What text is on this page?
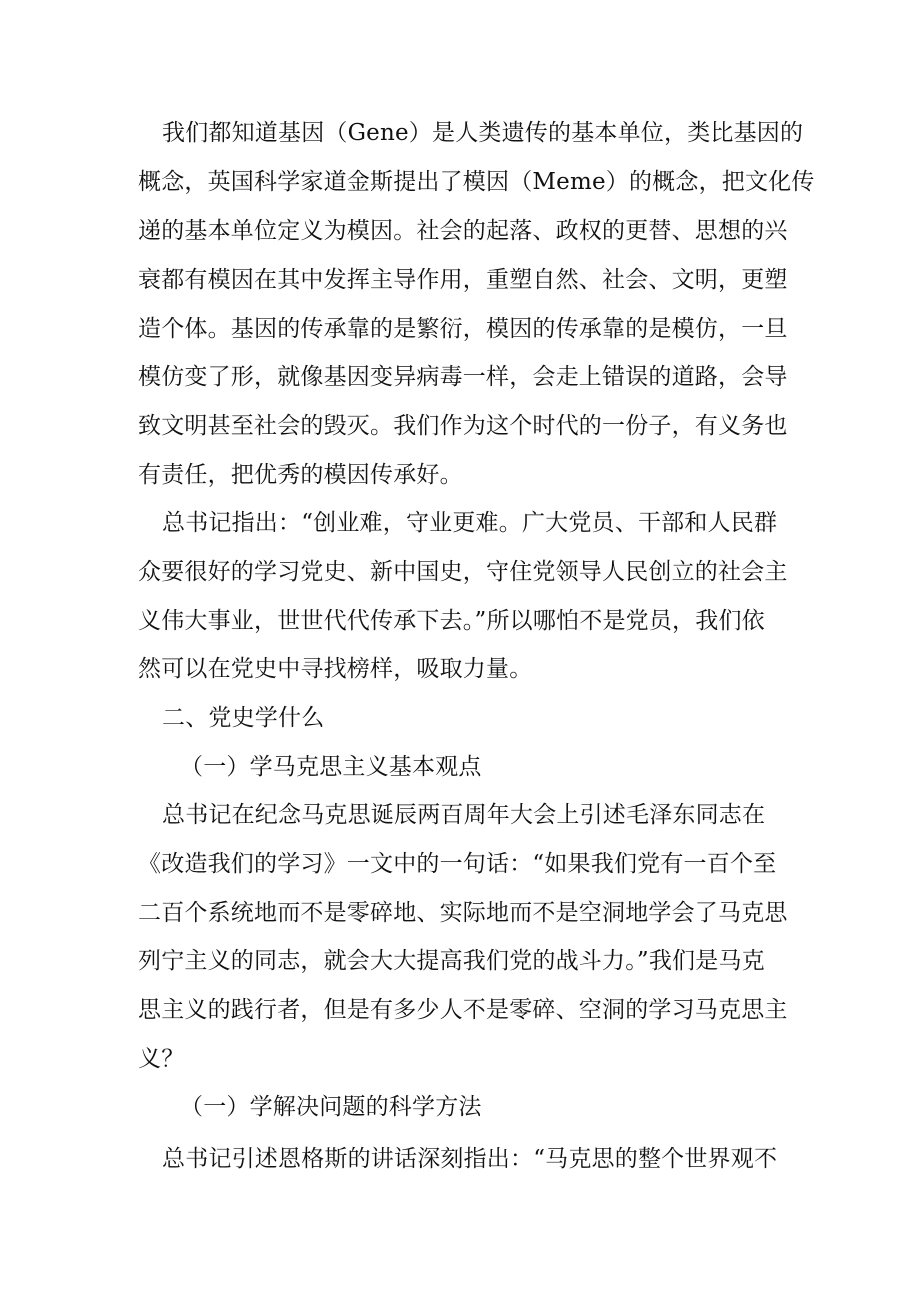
我们都知道基因（Gene）是人类遗传的基本单位，类比基因的
概念，英国科学家道金斯提出了模因（Meme）的概念，把文化传
递的基本单位定义为模因。社会的起落、政权的更替、思想的兴
衰都有模因在其中发挥主导作用，重塑自然、社会、文明，更塑
造个体。基因的传承靠的是繁衍，模因的传承靠的是模仿，一旦
模仿变了形，就像基因变异病毒一样，会走上错误的道路，会导
致文明甚至社会的毁灭。我们作为这个时代的一份子，有义务也
有责任，把优秀的模因传承好。
总书记指出：“创业难，守业更难。广大党员、干部和人民群
众要很好的学习党史、新中国史，守住党领导人民创立的社会主
义伟大事业，世世代代传承下去。”所以哪怕不是党员，我们依
然可以在党史中寻找榜样，吸取力量。
二、党史学什么
（一）学马克思主义基本观点
总书记在纪念马克思诞辰两百周年大会上引述毛泽东同志在
《改造我们的学习》一文中的一句话：“如果我们党有一百个至
二百个系统地而不是零碎地、实际地而不是空洞地学会了马克思
列宁主义的同志，就会大大提高我们党的战斗力。”我们是马克
思主义的践行者，但是有多少人不是零碎、空洞的学习马克思主
义？
（一）学解决问题的科学方法
总书记引述恩格斯的讲话深刻指出：“马克思的整个世界观不
